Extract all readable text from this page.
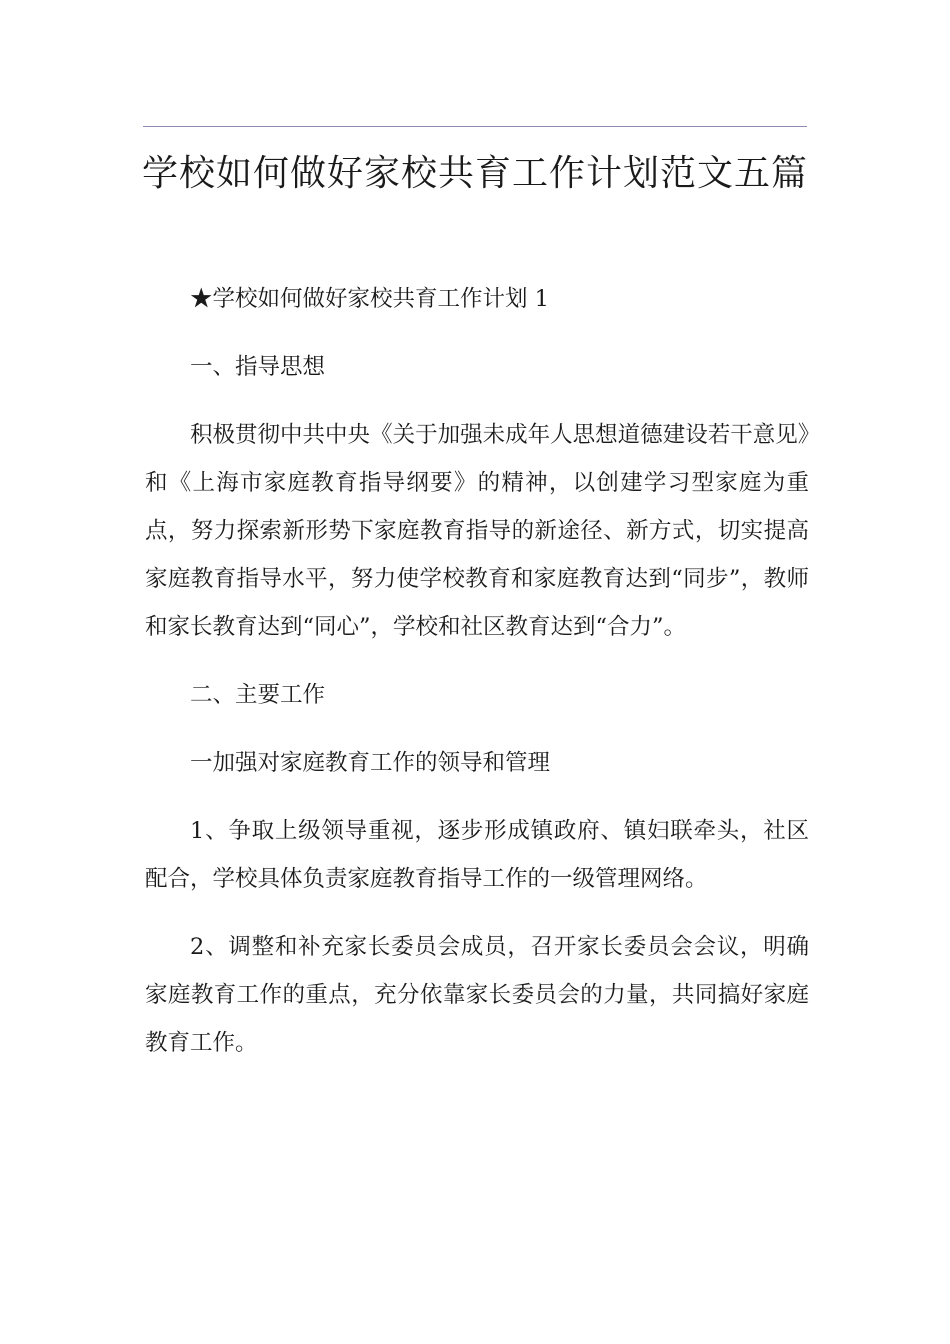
学校如何做好家校共育工作计划范文五篇

★学校如何做好家校共育工作计划 1

一、指导思想

积极贯彻中共中央《关于加强未成年人思想道德建设若干意见》和《上海市家庭教育指导纲要》的精神，以创建学习型家庭为重点，努力探索新形势下家庭教育指导的新途径、新方式，切实提高家庭教育指导水平，努力使学校教育和家庭教育达到“同步”，教师和家长教育达到“同心”，学校和社区教育达到“合力”。

二、主要工作

一加强对家庭教育工作的领导和管理

1、争取上级领导重视，逐步形成镇政府、镇妇联牵头，社区配合，学校具体负责家庭教育指导工作的一级管理网络。

2、调整和补充家长委员会成员，召开家长委员会会议，明确家庭教育工作的重点，充分依靠家长委员会的力量，共同搞好家庭教育工作。
